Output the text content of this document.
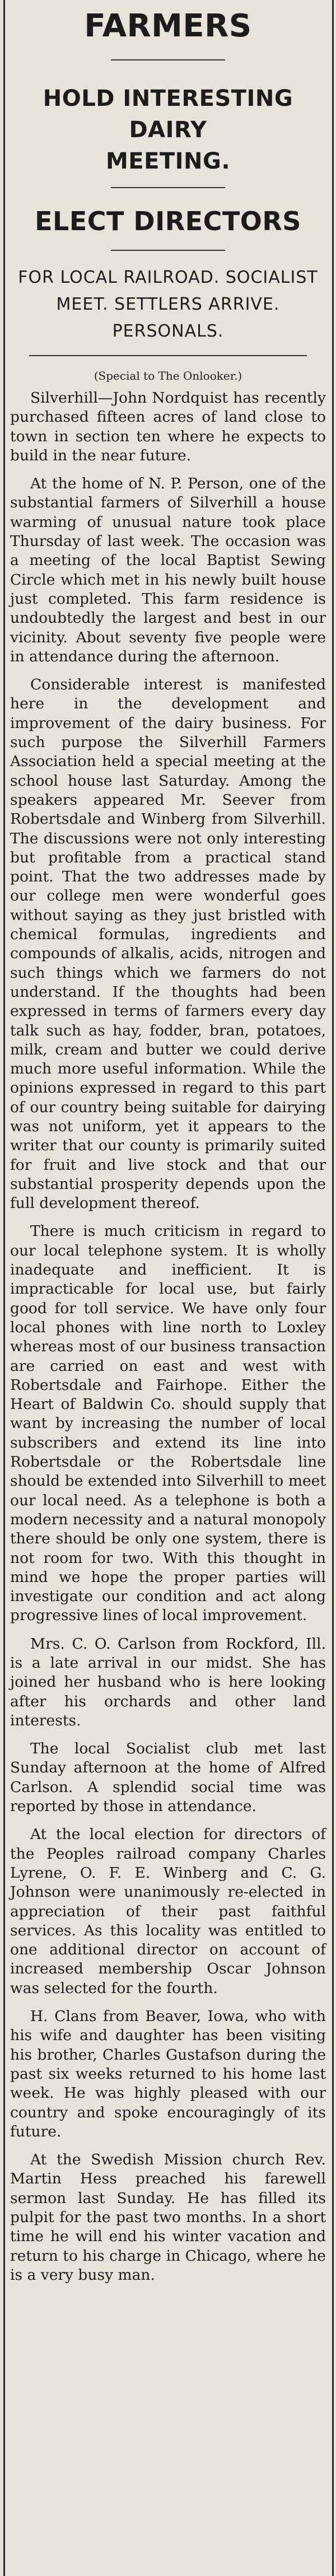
FARMERS
HOLD INTERESTING DAIRY
MEETING.
ELECT DIRECTORS
FOR LOCAL RAILROAD. SOCIALIST MEET. SETTLERS ARRIVE. PERSONALS.
(Special to The Onlooker.)

Silverhill—John Nordquist has recently purchased fifteen acres of land close to town in section ten where he expects to build in the near future.

At the home of N. P. Person, one of the substantial farmers of Silverhill a house warming of unusual nature took place Thursday of last week. The occasion was a meeting of the local Baptist Sewing Circle which met in his newly built house just completed. This farm residence is undoubtedly the largest and best in our vicinity. About seventy five people were in attendance during the afternoon.

Considerable interest is manifested here in the development and improvement of the dairy business. For such purpose the Silverhill Farmers Association held a special meeting at the school house last Saturday. Among the speakers appeared Mr. Seever from Robertsdale and Winberg from Silverhill. The discussions were not only interesting but profitable from a practical stand point. That the two addresses made by our college men were wonderful goes without saying as they just bristled with chemical formulas, ingredients and compounds of alkalis, acids, nitrogen and such things which we farmers do not understand. If the thoughts had been expressed in terms of farmers every day talk such as hay, fodder, bran, potatoes, milk, cream and butter we could derive much more useful information. While the opinions expressed in regard to this part of our country being suitable for dairying was not uniform, yet it appears to the writer that our county is primarily suited for fruit and live stock and that our substantial prosperity depends upon the full development thereof.

There is much criticism in regard to our local telephone system. It is wholly inadequate and inefficient. It is impracticable for local use, but fairly good for toll service. We have only four local phones with line north to Loxley whereas most of our business transaction are carried on east and west with Robertsdale and Fairhope. Either the Heart of Baldwin Co. should supply that want by increasing the number of local subscribers and extend its line into Robertsdale or the Robertsdale line should be extended into Silverhill to meet our local need. As a telephone is both a modern necessity and a natural monopoly there should be only one system, there is not room for two. With this thought in mind we hope the proper parties will investigate our condition and act along progressive lines of local improvement.

Mrs. C. O. Carlson from Rockford, Ill. is a late arrival in our midst. She has joined her husband who is here looking after his orchards and other land interests.

The local Socialist club met last Sunday afternoon at the home of Alfred Carlson. A splendid social time was reported by those in attendance.

At the local election for directors of the Peoples railroad company Charles Lyrene, O. F. E. Winberg and C. G. Johnson were unanimously re-elected in appreciation of their past faithful services. As this locality was entitled to one additional director on account of increased membership Oscar Johnson was selected for the fourth.

H. Clans from Beaver, Iowa, who with his wife and daughter has been visiting his brother, Charles Gustafson during the past six weeks returned to his home last week. He was highly pleased with our country and spoke encouragingly of its future.

At the Swedish Mission church Rev. Martin Hess preached his farewell sermon last Sunday. He has filled its pulpit for the past two months. In a short time he will end his winter vacation and return to his charge in Chicago, where he is a very busy man.
